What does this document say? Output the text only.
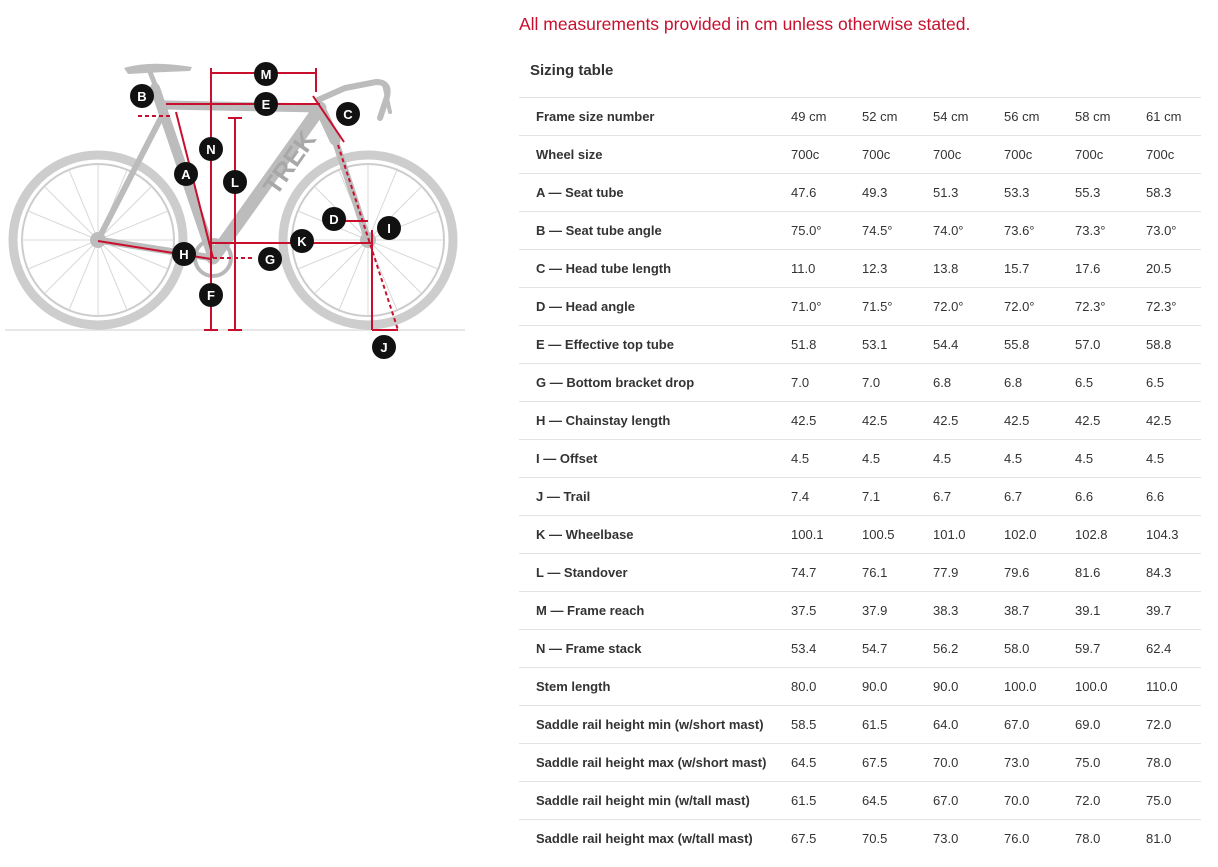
TREK
A
B
C
D
E
F
G
H
I
J
K
L
M
N

All measurements provided in cm unless otherwise stated.

Sizing table
Frame size number	49 cm	52 cm	54 cm	56 cm	58 cm	61 cm
Wheel size	700c	700c	700c	700c	700c	700c
A — Seat tube	47.6	49.3	51.3	53.3	55.3	58.3
B — Seat tube angle	75.0°	74.5°	74.0°	73.6°	73.3°	73.0°
C — Head tube length	11.0	12.3	13.8	15.7	17.6	20.5
D — Head angle	71.0°	71.5°	72.0°	72.0°	72.3°	72.3°
E — Effective top tube	51.8	53.1	54.4	55.8	57.0	58.8
G — Bottom bracket drop	7.0	7.0	6.8	6.8	6.5	6.5
H — Chainstay length	42.5	42.5	42.5	42.5	42.5	42.5
I — Offset	4.5	4.5	4.5	4.5	4.5	4.5
J — Trail	7.4	7.1	6.7	6.7	6.6	6.6
K — Wheelbase	100.1	100.5	101.0	102.0	102.8	104.3
L — Standover	74.7	76.1	77.9	79.6	81.6	84.3
M — Frame reach	37.5	37.9	38.3	38.7	39.1	39.7
N — Frame stack	53.4	54.7	56.2	58.0	59.7	62.4
Stem length	80.0	90.0	90.0	100.0	100.0	110.0
Saddle rail height min (w/short mast)	58.5	61.5	64.0	67.0	69.0	72.0
Saddle rail height max (w/short mast)	64.5	67.5	70.0	73.0	75.0	78.0
Saddle rail height min (w/tall mast)	61.5	64.5	67.0	70.0	72.0	75.0
Saddle rail height max (w/tall mast)	67.5	70.5	73.0	76.0	78.0	81.0
